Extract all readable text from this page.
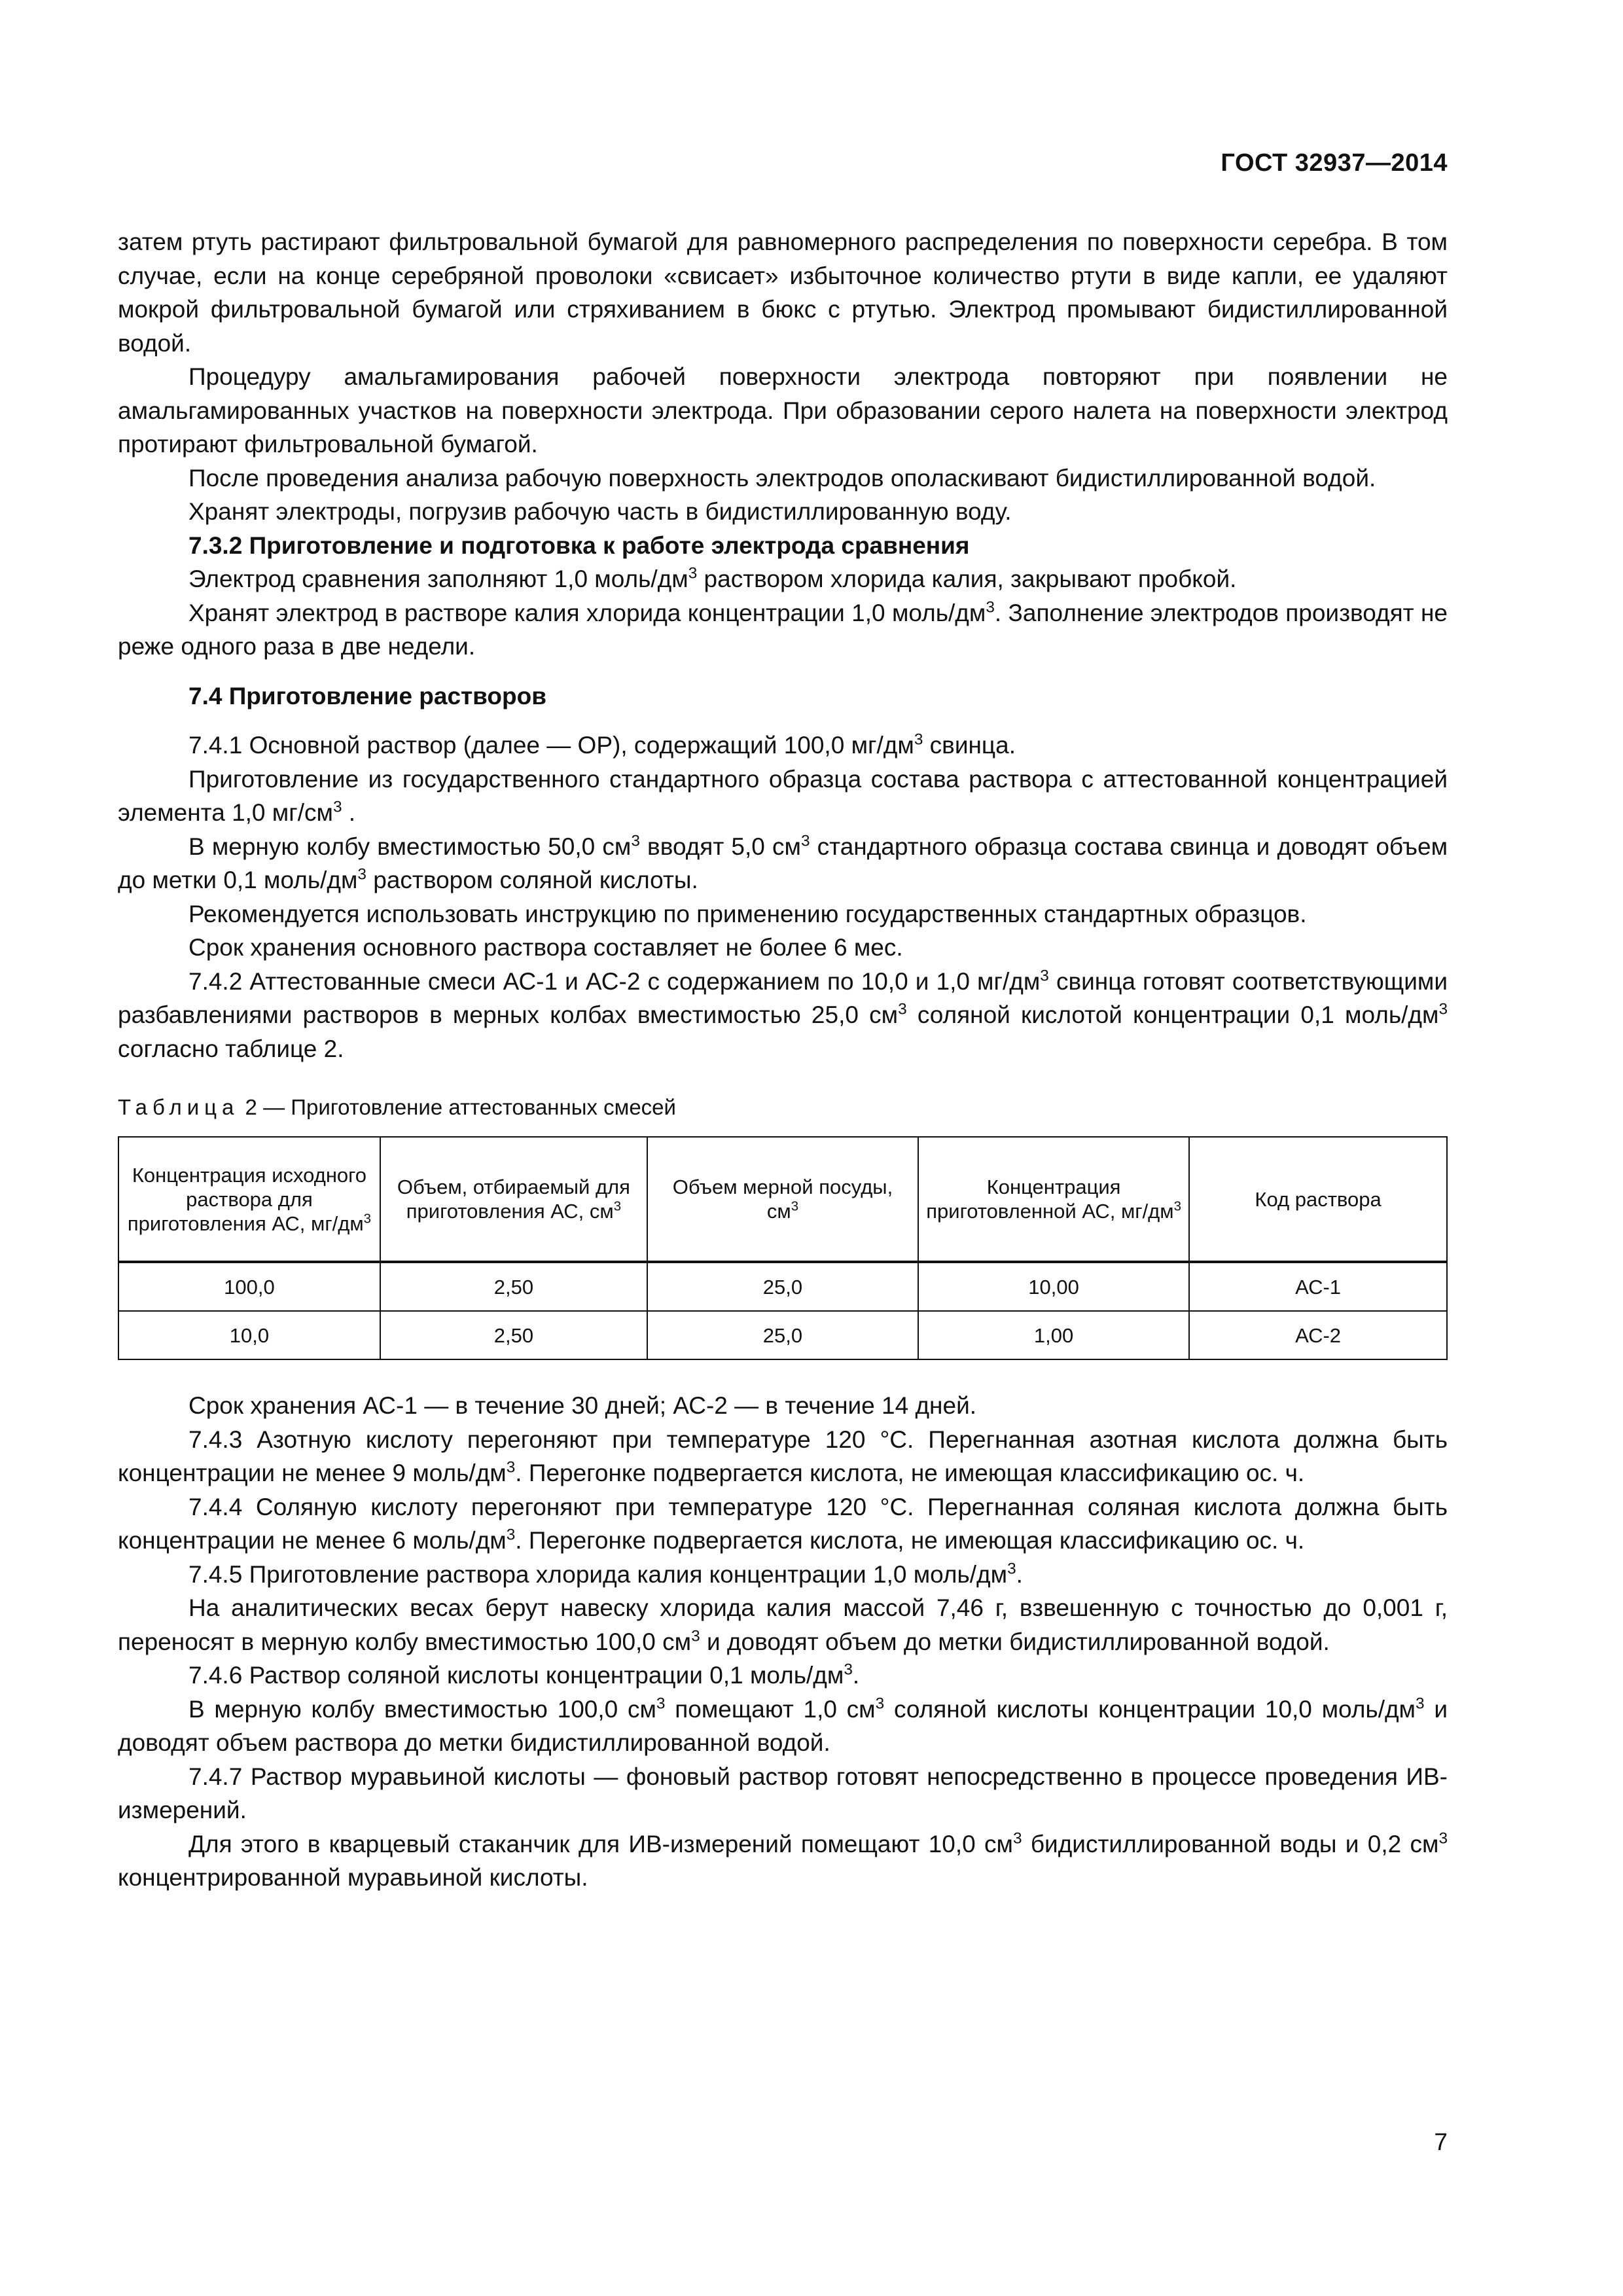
ГОСТ 32937—2014

затем ртуть растирают фильтровальной бумагой для равномерного распределения по поверхности серебра. В том случае, если на конце серебряной проволоки «свисает» избыточное количество ртути в виде капли, ее удаляют мокрой фильтровальной бумагой или стряхиванием в бюкс с ртутью. Электрод промывают бидистиллированной водой.

Процедуру амальгамирования рабочей поверхности электрода повторяют при появлении не амальгамированных участков на поверхности электрода. При образовании серого налета на поверхности электрод протирают фильтровальной бумагой.

После проведения анализа рабочую поверхность электродов ополаскивают бидистиллированной водой.

Хранят электроды, погрузив рабочую часть в бидистиллированную воду.

7.3.2 Приготовление и подготовка к работе электрода сравнения

Электрод сравнения заполняют 1,0 моль/$дм^3$ раствором хлорида калия, закрывают пробкой.

Хранят электрод в растворе калия хлорида концентрации 1,0 моль/$дм^3$. Заполнение электродов производят не реже одного раза в две недели.

7.4 Приготовление растворов

7.4.1 Основной раствор (далее — ОР), содержащий 100,0 $мг/дм^3$ свинца.

Приготовление из государственного стандартного образца состава раствора с аттестованной концентрацией элемента 1,0 $мг/см^3$ .

В мерную колбу вместимостью 50,0 $см^3$ вводят 5,0 $см^3$ стандартного образца состава свинца и доводят объем до метки 0,1 моль/$дм^3$ раствором соляной кислоты.

Рекомендуется использовать инструкцию по применению государственных стандартных образцов.

Срок хранения основного раствора составляет не более 6 мес.

7.4.2 Аттестованные смеси АС-1 и АС-2 с содержанием по 10,0 и 1,0 $мг/дм^3$ свинца готовят соответствующими разбавлениями растворов в мерных колбах вместимостью 25,0 $см^3$ соляной кислотой концентрации 0,1 моль/$дм^3$ согласно таблице 2.

Таблица 2 — Приготовление аттестованных смесей

Концентрация исходного раствора для приготовления АС, $мг/дм^3$	Объем, отбираемый для приготовления АС, $см^3$	Объем мерной посуды, $см^3$	Концентрация приготовленной АС, $мг/дм^3$	Код раствора
100,0	2,50	25,0	10,00	АС-1
10,0	2,50	25,0	1,00	АС-2

Срок хранения АС-1 — в течение 30 дней; АС-2 — в течение 14 дней.

7.4.3 Азотную кислоту перегоняют при температуре 120 °С. Перегнанная азотная кислота должна быть концентрации не менее 9 моль/$дм^3$. Перегонке подвергается кислота, не имеющая классификацию ос. ч.

7.4.4 Соляную кислоту перегоняют при температуре 120 °С. Перегнанная соляная кислота должна быть концентрации не менее 6 моль/$дм^3$. Перегонке подвергается кислота, не имеющая классификацию ос. ч.

7.4.5 Приготовление раствора хлорида калия концентрации 1,0 моль/$дм^3$.

На аналитических весах берут навеску хлорида калия массой 7,46 г, взвешенную с точностью до 0,001 г, переносят в мерную колбу вместимостью 100,0 $см^3$ и доводят объем до метки бидистиллированной водой.

7.4.6 Раствор соляной кислоты концентрации 0,1 моль/$дм^3$.

В мерную колбу вместимостью 100,0 $см^3$ помещают 1,0 $см^3$ соляной кислоты концентрации 10,0 моль/$дм^3$ и доводят объем раствора до метки бидистиллированной водой.

7.4.7 Раствор муравьиной кислоты — фоновый раствор готовят непосредственно в процессе проведения ИВ-измерений.

Для этого в кварцевый стаканчик для ИВ-измерений помещают 10,0 $см^3$ бидистиллированной воды и 0,2 $см^3$ концентрированной муравьиной кислоты.

7
